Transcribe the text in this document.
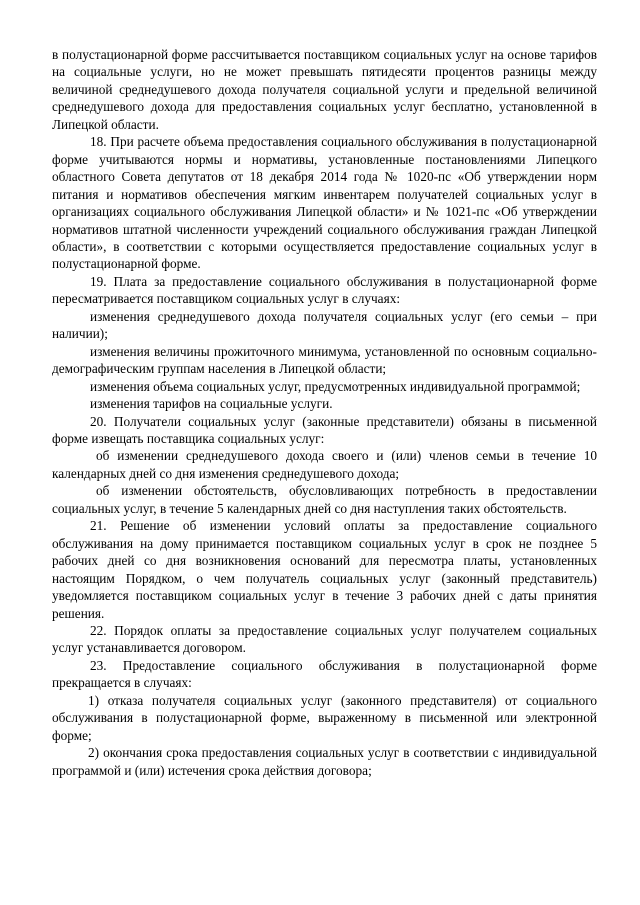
в полустационарной форме рассчитывается поставщиком социальных услуг на основе тарифов на социальные услуги, но не может превышать пятидесяти процентов разницы между величиной среднедушевого дохода получателя социальной услуги и предельной величиной среднедушевого дохода для предоставления социальных услуг бесплатно, установленной в Липецкой области.

18. При расчете объема предоставления социального обслуживания в полустационарной форме учитываются нормы и нормативы, установленные постановлениями Липецкого областного Совета депутатов от 18 декабря 2014 года № 1020-пс «Об утверждении норм питания и нормативов обеспечения мягким инвентарем получателей социальных услуг в организациях социального обслуживания Липецкой области» и № 1021-пс «Об утверждении нормативов штатной численности учреждений социального обслуживания граждан Липецкой области», в соответствии с которыми осуществляется предоставление социальных услуг в полустационарной форме.

19. Плата за предоставление социального обслуживания в полустационарной форме пересматривается поставщиком социальных услуг в случаях:

изменения среднедушевого дохода получателя социальных услуг (его семьи – при наличии);

изменения величины прожиточного минимума, установленной по основным социально-демографическим группам населения в Липецкой области;

изменения объема социальных услуг, предусмотренных индивидуальной программой;

изменения тарифов на социальные услуги.

20. Получатели социальных услуг (законные представители) обязаны в письменной форме извещать поставщика социальных услуг:

об изменении среднедушевого дохода своего и (или) членов семьи в течение 10 календарных дней со дня изменения среднедушевого дохода;

об изменении обстоятельств, обусловливающих потребность в предоставлении социальных услуг, в течение 5 календарных дней со дня наступления таких обстоятельств.

21. Решение об изменении условий оплаты за предоставление социального обслуживания на дому принимается поставщиком социальных услуг в срок не позднее 5 рабочих дней со дня возникновения оснований для пересмотра платы, установленных настоящим Порядком, о чем получатель социальных услуг (законный представитель) уведомляется поставщиком социальных услуг в течение 3 рабочих дней с даты принятия решения.

22. Порядок оплаты за предоставление социальных услуг получателем социальных услуг устанавливается договором.

23. Предоставление социального обслуживания в полустационарной форме прекращается в случаях:

1) отказа получателя социальных услуг (законного представителя) от социального обслуживания в полустационарной форме, выраженному в письменной или электронной форме;

2) окончания срока предоставления социальных услуг в соответствии с индивидуальной программой и (или) истечения срока действия договора;
